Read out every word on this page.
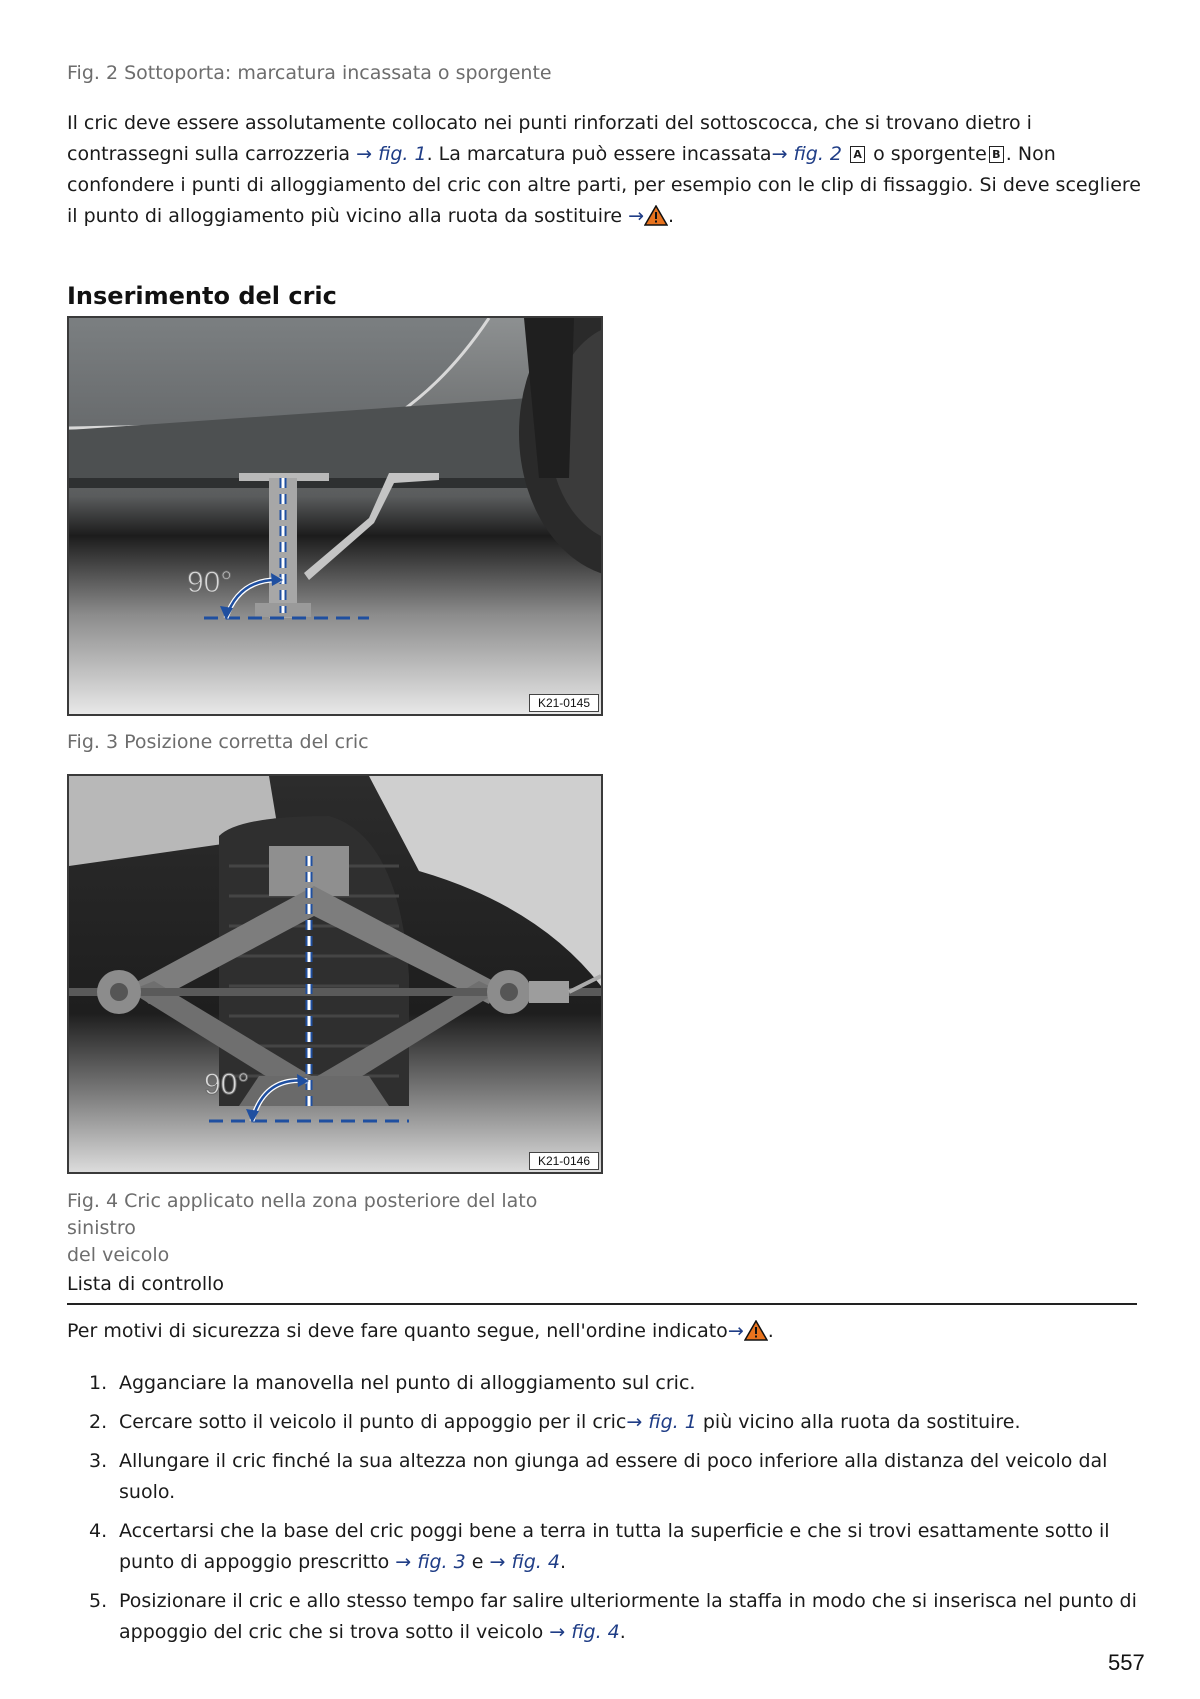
Fig. 2 Sottoporta: marcatura incassata o sporgente
Il cric deve essere assolutamente collocato nei punti rinforzati del sottoscocca, che si trovano dietro i contrassegni sulla carrozzeria → fig. 1. La marcatura può essere incassata→ fig. 2 A o sporgente B . Non confondere i punti di alloggiamento del cric con altre parti, per esempio con le clip di fissaggio. Si deve scegliere il punto di alloggiamento più vicino alla ruota da sostituire → .
Inserimento del cric
90°
K21-0145
Fig. 3 Posizione corretta del cric
90°
K21-0146
Fig. 4 Cric applicato nella zona posteriore del lato sinistro
del veicolo
Lista di controllo
Per motivi di sicurezza si deve fare quanto segue, nell'ordine indicato→ .
1. Agganciare la manovella nel punto di alloggiamento sul cric.
2. Cercare sotto il veicolo il punto di appoggio per il cric→ fig. 1 più vicino alla ruota da sostituire.
3. Allungare il cric finché la sua altezza non giunga ad essere di poco inferiore alla distanza del veicolo dal suolo.
4. Accertarsi che la base del cric poggi bene a terra in tutta la superficie e che si trovi esattamente sotto il punto di appoggio prescritto → fig. 3 e → fig. 4.
5. Posizionare il cric e allo stesso tempo far salire ulteriormente la staffa in modo che si inserisca nel punto di appoggio del cric che si trova sotto il veicolo → fig. 4.
557
